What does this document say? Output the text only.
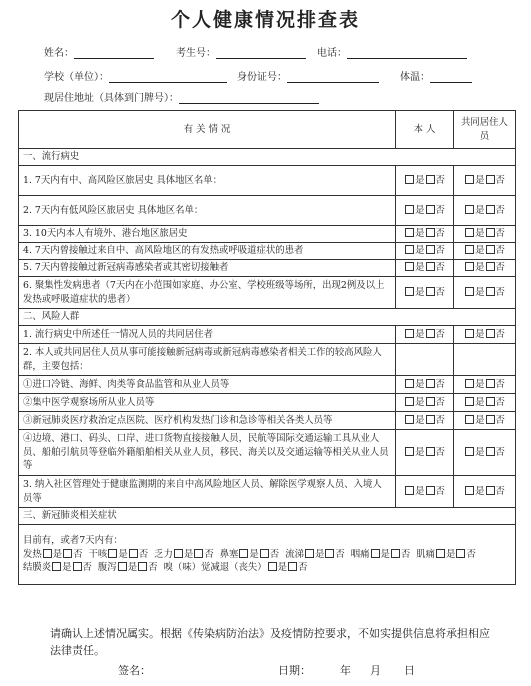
个人健康情况排查表
姓名：	考生号：	电话：
学校（单位）：	身份证号：	体温：
现居住地址（具体到门牌号）：
有 关 情 况	本 人	共同居住人员
一、流行病史		
1. 7天内有中、高风险区旅居史 具体地区名单：	是 否	是 否
2. 7天内有低风险区旅居史 具体地区名单：	是 否	是 否
3. 10天内本人有境外、港台地区旅居史	是 否	是 否
4. 7天内曾接触过来自中、高风险地区的有发热或呼吸道症状的患者	是 否	是 否
5. 7天内曾接触过新冠病毒感染者或其密切接触者	是 否	是 否
6. 聚集性发病患者（7天内在小范围如家庭、办公室、学校班级等场所，出现2例及以上发热或呼吸道症状的患者）	是 否	是 否
二、风险人群		
1. 流行病史中所述任一情况人员的共同居住者	是 否	是 否
2. 本人或共同居住人员从事可能接触新冠病毒或新冠病毒感染者相关工作的较高风险人群，主要包括：		
①进口冷链、海鲜、肉类等食品监管和从业人员等	是 否	是 否
②集中医学观察场所从业人员等	是 否	是 否
③新冠肺炎医疗救治定点医院、医疗机构发热门诊和急诊等相关各类人员等	是 否	是 否
④边境、港口、码头、口岸、进口货物直接接触人员，民航等国际交通运输工具从业人员、船舶引航员等登临外籍船舶相关从业人员，移民、海关以及交通运输等相关从业人员等	是 否	是 否
3. 纳入社区管理处于健康监测期的来自中高风险地区人员、解除医学观察人员、入境人员等	是 否	是 否
三、新冠肺炎相关症状		

目前有，或者7天内有：
发热 是 否 干咳 是 否 乏力 是 否 鼻塞 是 否 流涕 是 否 咽痛 是 否 肌痛 是 否结膜炎 是 否 腹泻 是 否 嗅（味）觉减退（丧失） 是 否		
请确认上述情况属实。根据《传染病防治法》及疫情防控要求，不如实提供信息将承担相应法律责任。
签名：	日期：	年 月 日
